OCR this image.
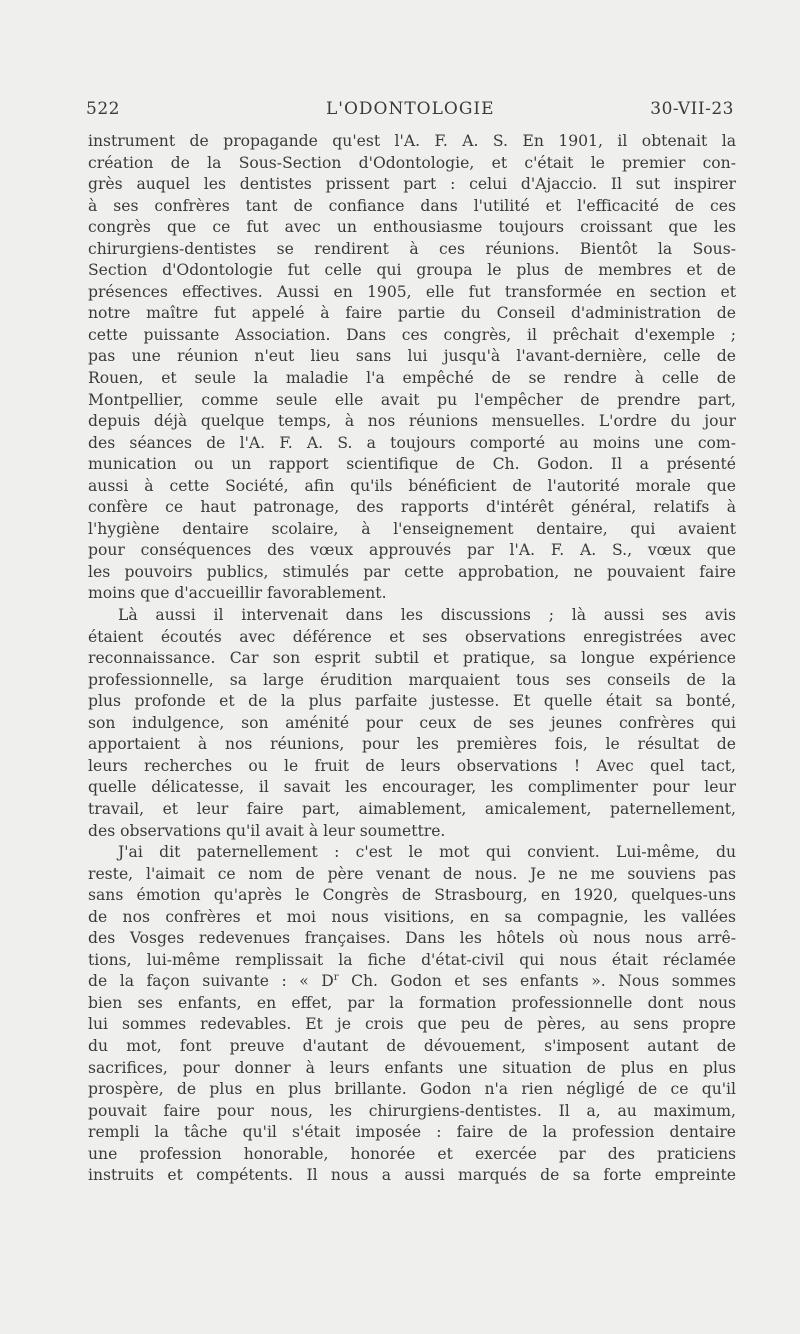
522	L'ODONTOLOGIE	30-VII-23
instrument de propagande qu'est l'A. F. A. S. En 1901, il obtenait la
création de la Sous-Section d'Odontologie, et c'était le premier con-
grès auquel les dentistes prissent part : celui d'Ajaccio. Il sut inspirer
à ses confrères tant de confiance dans l'utilité et l'efficacité de ces
congrès que ce fut avec un enthousiasme toujours croissant que les
chirurgiens-dentistes se rendirent à ces réunions. Bientôt la Sous-
Section d'Odontologie fut celle qui groupa le plus de membres et de
présences effectives. Aussi en 1905, elle fut transformée en section et
notre maître fut appelé à faire partie du Conseil d'administration de
cette puissante Association. Dans ces congrès, il prêchait d'exemple ;
pas une réunion n'eut lieu sans lui jusqu'à l'avant-dernière, celle de
Rouen, et seule la maladie l'a empêché de se rendre à celle de
Montpellier, comme seule elle avait pu l'empêcher de prendre part,
depuis déjà quelque temps, à nos réunions mensuelles. L'ordre du jour
des séances de l'A. F. A. S. a toujours comporté au moins une com-
munication ou un rapport scientifique de Ch. Godon. Il a présenté
aussi à cette Société, afin qu'ils bénéficient de l'autorité morale que
confère ce haut patronage, des rapports d'intérêt général, relatifs à
l'hygiène dentaire scolaire, à l'enseignement dentaire, qui avaient
pour conséquences des vœux approuvés par l'A. F. A. S., vœux que
les pouvoirs publics, stimulés par cette approbation, ne pouvaient faire
moins que d'accueillir favorablement.
Là aussi il intervenait dans les discussions ; là aussi ses avis
étaient écoutés avec déférence et ses observations enregistrées avec
reconnaissance. Car son esprit subtil et pratique, sa longue expérience
professionnelle, sa large érudition marquaient tous ses conseils de la
plus profonde et de la plus parfaite justesse. Et quelle était sa bonté,
son indulgence, son aménité pour ceux de ses jeunes confrères qui
apportaient à nos réunions, pour les premières fois, le résultat de
leurs recherches ou le fruit de leurs observations ! Avec quel tact,
quelle délicatesse, il savait les encourager, les complimenter pour leur
travail, et leur faire part, aimablement, amicalement, paternellement,
des observations qu'il avait à leur soumettre.
J'ai dit paternellement : c'est le mot qui convient. Lui-même, du
reste, l'aimait ce nom de père venant de nous. Je ne me souviens pas
sans émotion qu'après le Congrès de Strasbourg, en 1920, quelques-uns
de nos confrères et moi nous visitions, en sa compagnie, les vallées
des Vosges redevenues françaises. Dans les hôtels où nous nous arrê-
tions, lui-même remplissait la fiche d'état-civil qui nous était réclamée
de la façon suivante : « $D^r$ Ch. Godon et ses enfants ». Nous sommes
bien ses enfants, en effet, par la formation professionnelle dont nous
lui sommes redevables. Et je crois que peu de pères, au sens propre
du mot, font preuve d'autant de dévouement, s'imposent autant de
sacrifices, pour donner à leurs enfants une situation de plus en plus
prospère, de plus en plus brillante. Godon n'a rien négligé de ce qu'il
pouvait faire pour nous, les chirurgiens-dentistes. Il a, au maximum,
rempli la tâche qu'il s'était imposée : faire de la profession dentaire
une profession honorable, honorée et exercée par des praticiens
instruits et compétents. Il nous a aussi marqués de sa forte empreinte
